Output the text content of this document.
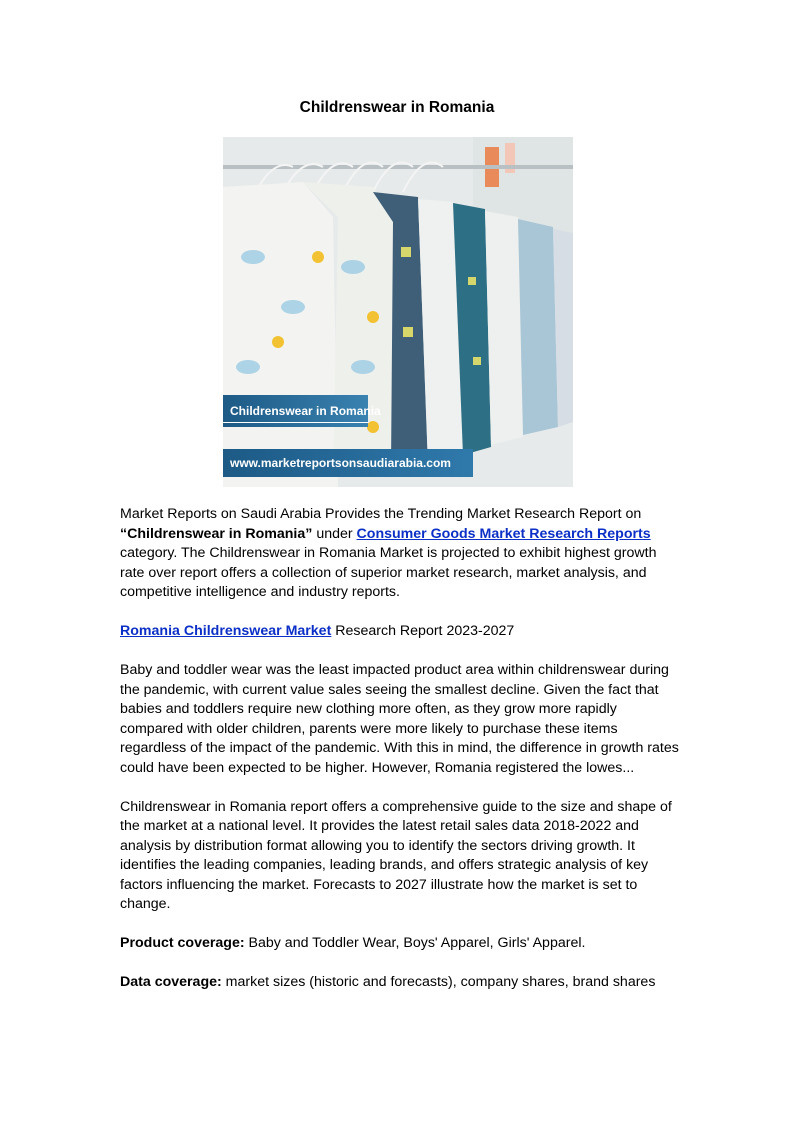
Childrenswear in Romania
Childrenswear in Romania
www.marketreportsonsaudiarabia.com

Market Reports on Saudi Arabia Provides the Trending Market Research Report on “Childrenswear in Romania” under Consumer Goods Market Research Reports category. The Childrenswear in Romania Market is projected to exhibit highest growth rate over report offers a collection of superior market research, market analysis, and competitive intelligence and industry reports.

Romania Childrenswear Market Research Report 2023-2027

Baby and toddler wear was the least impacted product area within childrenswear during the pandemic, with current value sales seeing the smallest decline. Given the fact that babies and toddlers require new clothing more often, as they grow more rapidly compared with older children, parents were more likely to purchase these items regardless of the impact of the pandemic. With this in mind, the difference in growth rates could have been expected to be higher. However, Romania registered the lowes...

Childrenswear in Romania report offers a comprehensive guide to the size and shape of the market at a national level. It provides the latest retail sales data 2018-2022 and analysis by distribution format allowing you to identify the sectors driving growth. It identifies the leading companies, leading brands, and offers strategic analysis of key factors influencing the market. Forecasts to 2027 illustrate how the market is set to change.

Product coverage: Baby and Toddler Wear, Boys' Apparel, Girls' Apparel.

Data coverage: market sizes (historic and forecasts), company shares, brand shares
